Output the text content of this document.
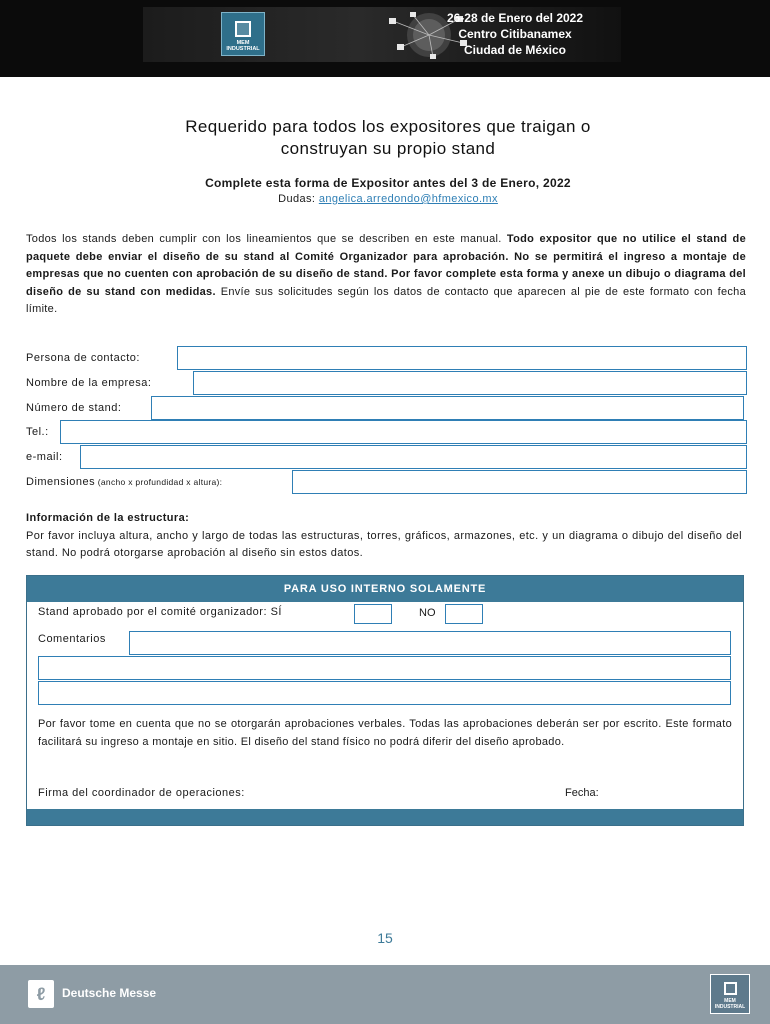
MEM
INDUSTRIAL
26-28 de Enero del 2022
Centro Citibanamex
Ciudad de México
Requerido para todos los expositores que traigan o
construyan su propio stand
Complete esta forma de Expositor antes del 3 de Enero, 2022
Dudas: angelica.arredondo@hfmexico.mx
Todos los stands deben cumplir con los lineamientos que se describen en este manual. Todo expositor que no utilice el stand de paquete debe enviar el diseño de su stand al Comité Organizador para aprobación. No se permitirá el ingreso a montaje de empresas que no cuenten con aprobación de su diseño de stand. Por favor complete esta forma y anexe un dibujo o diagrama del diseño de su stand con medidas. Envíe sus solicitudes según los datos de contacto que aparecen al pie de este formato con fecha límite.
Persona de contacto:
Nombre de la empresa:
Número de stand:
Tel.:
e-mail:
Dimensiones (ancho x profundidad x altura):
Información de la estructura:
Por favor incluya altura, ancho y largo de todas las estructuras, torres, gráficos, armazones, etc. y un diagrama o dibujo del diseño del stand. No podrá otorgarse aprobación al diseño sin estos datos.
PARA USO INTERNO SOLAMENTE
Stand aprobado por el comité organizador: SÍ	NO
Comentarios
Por favor tome en cuenta que no se otorgarán aprobaciones verbales. Todas las aprobaciones deberán ser por escrito. Este formato facilitará su ingreso a montaje en sitio. El diseño del stand físico no podrá diferir del diseño aprobado.
Firma del coordinador de operaciones:	Fecha:
15
ℓ	Deutsche Messe
MEM
INDUSTRIAL
